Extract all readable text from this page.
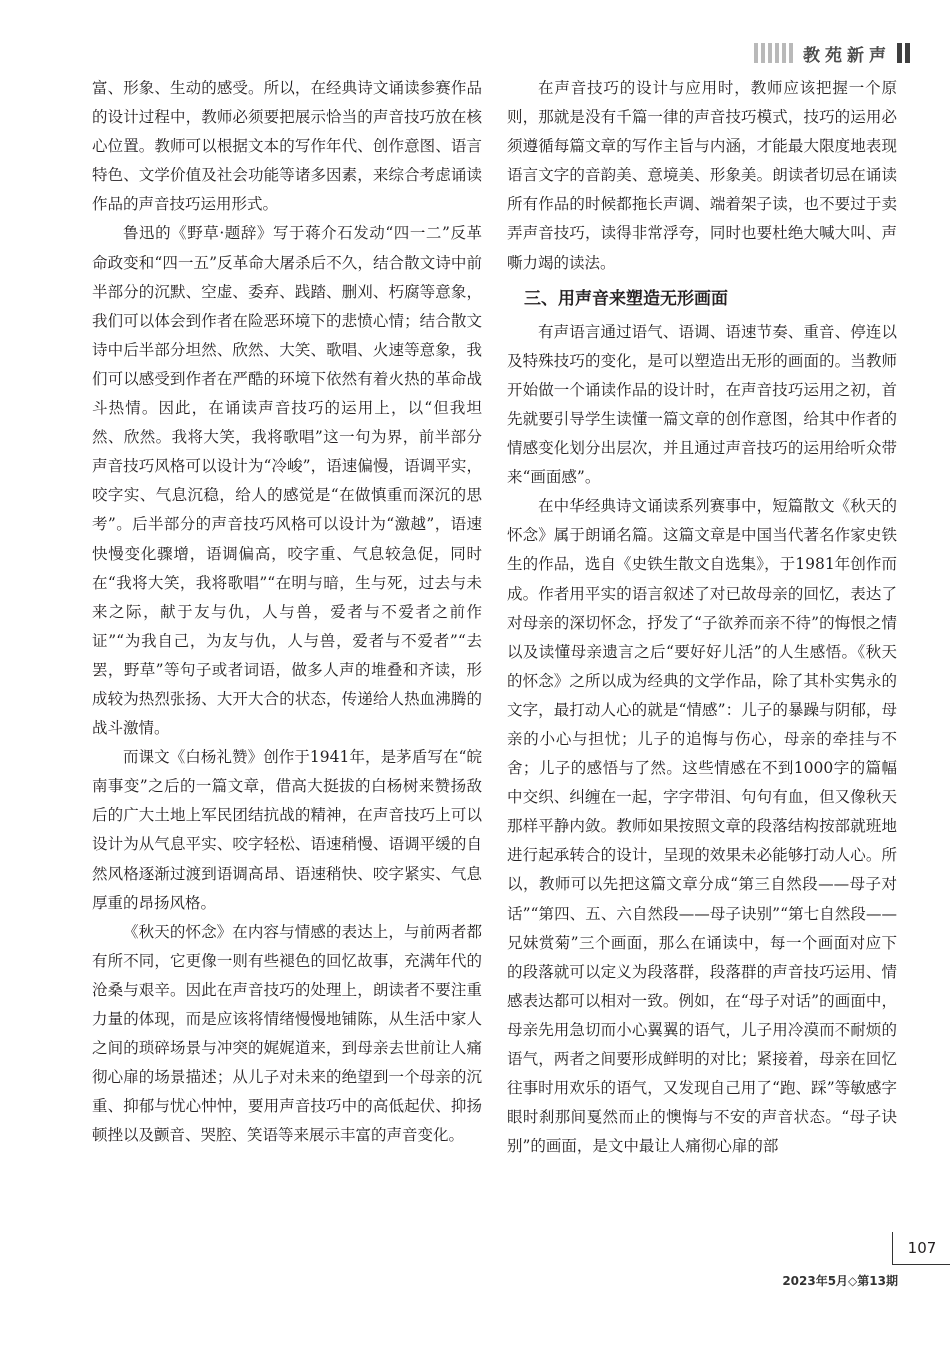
教苑新声

富、形象、生动的感受。所以，在经典诗文诵读参赛作品的设计过程中，教师必须要把展示恰当的声音技巧放在核心位置。教师可以根据文本的写作年代、创作意图、语言特色、文学价值及社会功能等诸多因素，来综合考虑诵读作品的声音技巧运用形式。

鲁迅的《野草·题辞》写于蒋介石发动“四一二”反革命政变和“四一五”反革命大屠杀后不久，结合散文诗中前半部分的沉默、空虚、委弃、践踏、删刈、朽腐等意象，我们可以体会到作者在险恶环境下的悲愤心情；结合散文诗中后半部分坦然、欣然、大笑、歌唱、火速等意象，我们可以感受到作者在严酷的环境下依然有着火热的革命战斗热情。因此，在诵读声音技巧的运用上，以“但我坦然、欣然。我将大笑，我将歌唱”这一句为界，前半部分声音技巧风格可以设计为“冷峻”，语速偏慢，语调平实，咬字实、气息沉稳，给人的感觉是“在做慎重而深沉的思考”。后半部分的声音技巧风格可以设计为“激越”，语速快慢变化骤增，语调偏高，咬字重、气息较急促，同时在“我将大笑，我将歌唱”“在明与暗，生与死，过去与未来之际，献于友与仇，人与兽，爱者与不爱者之前作证”“为我自己，为友与仇，人与兽，爱者与不爱者”“去罢，野草”等句子或者词语，做多人声的堆叠和齐读，形成较为热烈张扬、大开大合的状态，传递给人热血沸腾的战斗激情。

而课文《白杨礼赞》创作于1941年，是茅盾写在“皖南事变”之后的一篇文章，借高大挺拔的白杨树来赞扬敌后的广大土地上军民团结抗战的精神，在声音技巧上可以设计为从气息平实、咬字轻松、语速稍慢、语调平缓的自然风格逐渐过渡到语调高昂、语速稍快、咬字紧实、气息厚重的昂扬风格。

《秋天的怀念》在内容与情感的表达上，与前两者都有所不同，它更像一则有些褪色的回忆故事，充满年代的沧桑与艰辛。因此在声音技巧的处理上，朗读者不要注重力量的体现，而是应该将情绪慢慢地铺陈，从生活中家人之间的琐碎场景与冲突的娓娓道来，到母亲去世前让人痛彻心扉的场景描述；从儿子对未来的绝望到一个母亲的沉重、抑郁与忧心忡忡，要用声音技巧中的高低起伏、抑扬顿挫以及颤音、哭腔、笑语等来展示丰富的声音变化。

在声音技巧的设计与应用时，教师应该把握一个原则，那就是没有千篇一律的声音技巧模式，技巧的运用必须遵循每篇文章的写作主旨与内涵，才能最大限度地表现语言文字的音韵美、意境美、形象美。朗读者切忌在诵读所有作品的时候都拖长声调、端着架子读，也不要过于卖弄声音技巧，读得非常浮夸，同时也要杜绝大喊大叫、声嘶力竭的读法。

三、用声音来塑造无形画面

有声语言通过语气、语调、语速节奏、重音、停连以及特殊技巧的变化，是可以塑造出无形的画面的。当教师开始做一个诵读作品的设计时，在声音技巧运用之初，首先就要引导学生读懂一篇文章的创作意图，给其中作者的情感变化划分出层次，并且通过声音技巧的运用给听众带来“画面感”。

在中华经典诗文诵读系列赛事中，短篇散文《秋天的怀念》属于朗诵名篇。这篇文章是中国当代著名作家史铁生的作品，选自《史铁生散文自选集》，于1981年创作而成。作者用平实的语言叙述了对已故母亲的回忆，表达了对母亲的深切怀念，抒发了“子欲养而亲不待”的悔恨之情以及读懂母亲遗言之后“要好好儿活”的人生感悟。《秋天的怀念》之所以成为经典的文学作品，除了其朴实隽永的文字，最打动人心的就是“情感”：儿子的暴躁与阴郁，母亲的小心与担忧；儿子的追悔与伤心，母亲的牵挂与不舍；儿子的感悟与了然。这些情感在不到1000字的篇幅中交织、纠缠在一起，字字带泪、句句有血，但又像秋天那样平静内敛。教师如果按照文章的段落结构按部就班地进行起承转合的设计，呈现的效果未必能够打动人心。所以，教师可以先把这篇文章分成“第三自然段——母子对话”“第四、五、六自然段——母子诀别”“第七自然段——兄妹赏菊”三个画面，那么在诵读中，每一个画面对应下的段落就可以定义为段落群，段落群的声音技巧运用、情感表达都可以相对一致。例如，在“母子对话”的画面中，母亲先用急切而小心翼翼的语气，儿子用冷漠而不耐烦的语气，两者之间要形成鲜明的对比；紧接着，母亲在回忆往事时用欢乐的语气，又发现自己用了“跑、踩”等敏感字眼时刹那间戛然而止的懊悔与不安的声音状态。“母子诀别”的画面，是文中最让人痛彻心扉的部

107
2023年5月◇第13期
